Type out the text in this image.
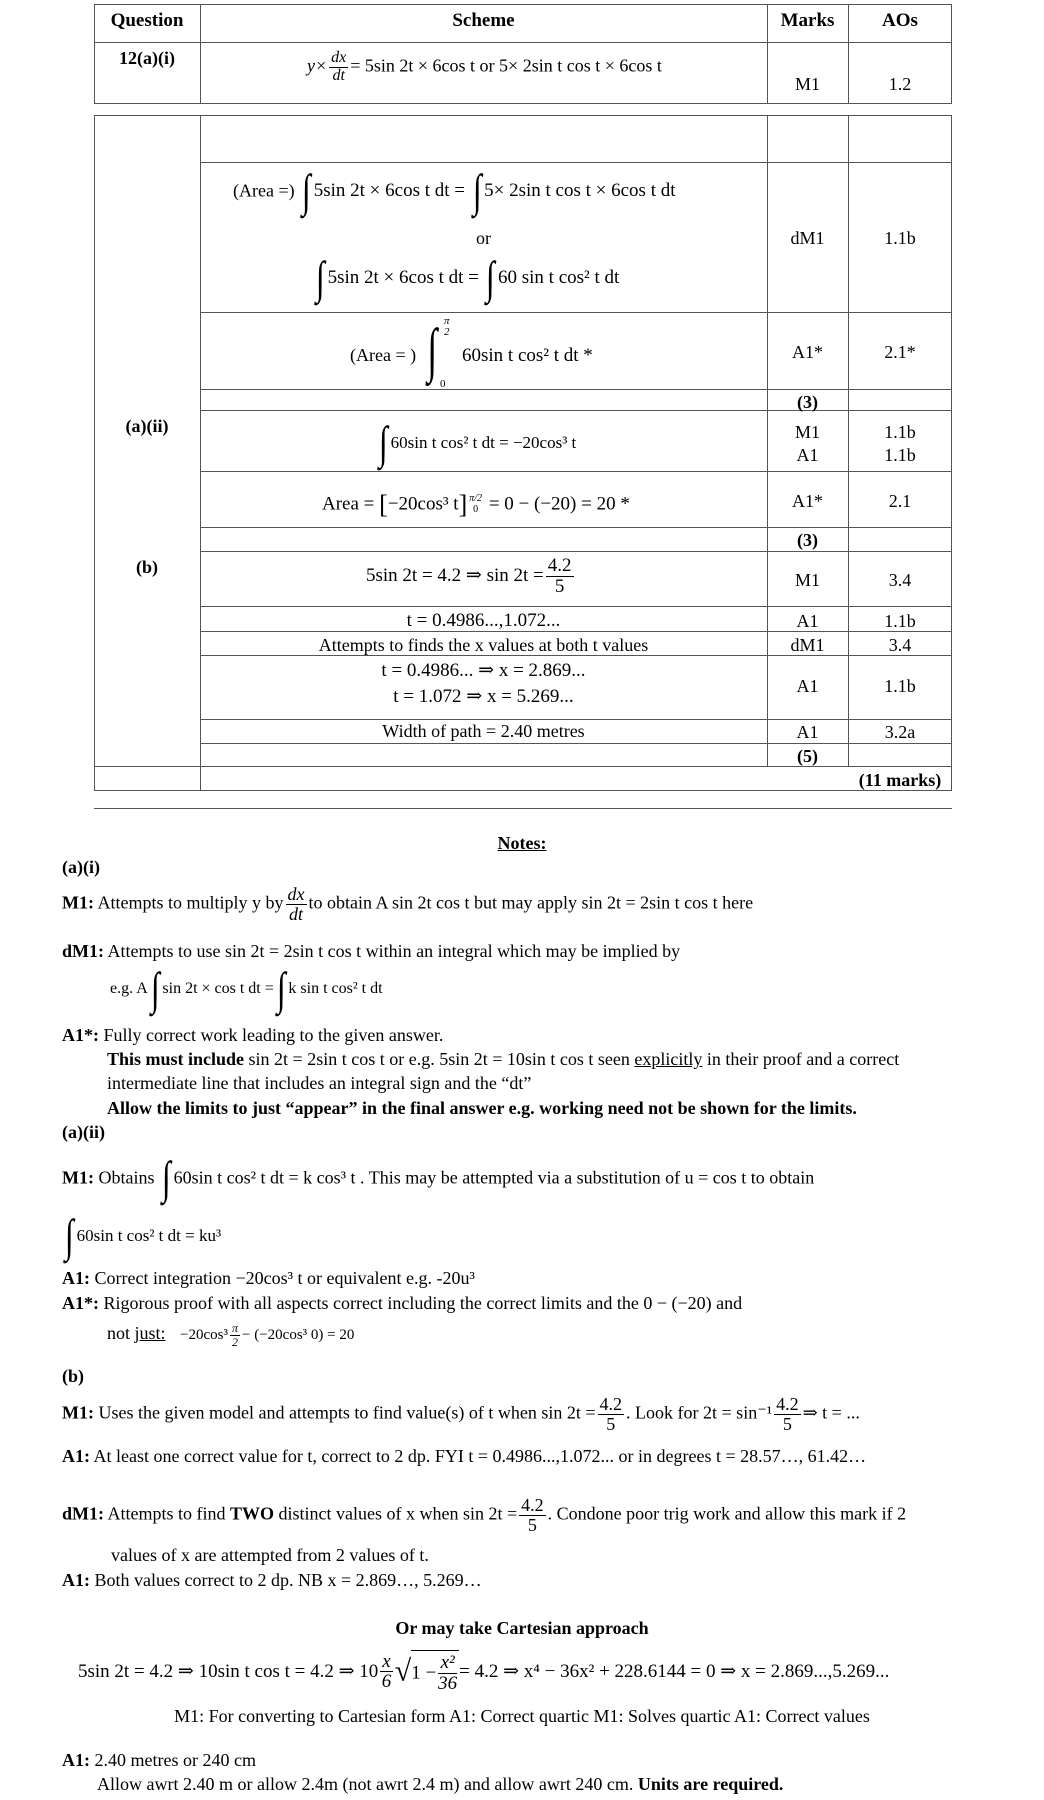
Question	Scheme	Marks	AOs
12(a)(i)	$y\times \frac{dx}{dt} = 5\sin$ 2t × 6cos t or 5× 2sin t cos t × 6cos t
M1	1.2
(Area =) ∫ 5sin 2t × 6cos t dt = ∫ 5× 2sin t cos t × 6cos t dt
or
∫ 5sin 2t × 6cos t dt = ∫ 60 sin t cos² t dt
dM1	1.1b
(Area = )
π
2
∫
0
60sin t cos² t dt *	A1*	2.1*
(3)
(a)(ii)	∫ 60sin t cos² t dt = −20cos³ t
M1	1.1b
A1	1.1b
Area = [−20cos³ t] π/2
0 = 0 − (−20) = 20 *	A1*	2.1
(3)
(b)	5sin 2t = 4.2 ⇒ $\sin 2t = \frac{4.2}{5}$	M1	3.4
t = 0.4986...,1.072...	A1	1.1b
Attempts to finds the x values at both t values	dM1	3.4
t = 0.4986... ⇒ x = 2.869...
t = 1.072 ⇒ x = 5.269...	A1	1.1b
Width of path = 2.40 metres	A1	3.2a
(5)
(11 marks)
Notes:
(a)(i)
M1: Attempts to multiply y by $\frac{dx}{dt}$ to obtain A sin 2t cos t but may apply sin 2t = 2sin t cos t here
dM1: Attempts to use sin 2t = 2sin t cos t within an integral which may be implied by
e.g. A∫ sin 2t × cos t dt =∫ k sin t cos² t dt
A1*: Fully correct work leading to the given answer.
This must include sin 2t = 2sin t cos t or e.g. 5sin 2t = 10sin t cos t seen explicitly in their proof and a correct
intermediate line that includes an integral sign and the “dt”
Allow the limits to just “appear” in the final answer e.g. working need not be shown for the limits.
(a)(ii)
M1: Obtains ∫ 60sin t cos² t dt = k cos³ t . This may be attempted via a substitution of u = cos t to obtain
∫ 60sin t cos² t dt = ku³
A1: Correct integration −20cos³ t or equivalent e.g. -20u³
A1*: Rigorous proof with all aspects correct including the correct limits and the 0 − (−20) and
not just: $-20\cos^3 \frac{\pi}{2} - (-20\cos^3$ 0) = 20
(b)
M1: Uses the given model and attempts to find value(s) of t when $\sin 2t = \frac{4.2}{5}$ . Look for $2t = \sin^{-1} \frac{4.2}{5}$ ⇒ t = ...
A1: At least one correct value for t, correct to 2 dp. FYI t = 0.4986...,1.072... or in degrees t = 28.57…, 61.42…
dM1: Attempts to find TWO distinct values of x when $\sin 2t = \frac{4.2}{5}$ . Condone poor trig work and allow this mark if 2
values of x are attempted from 2 values of t.
A1: Both values correct to 2 dp. NB x = 2.869…, 5.269…
Or may take Cartesian approach
5sin 2t = 4.2 ⇒ 10sin t cos t = 4.2 ⇒ $10 \frac{x}{6} √1 - \frac{\text{x²}}{36} = 4.2$ ⇒ x⁴ − 36x² + 228.6144 = 0 ⇒ x = 2.869...,5.269...
M1: For converting to Cartesian form A1: Correct quartic M1: Solves quartic A1: Correct values
A1: 2.40 metres or 240 cm
Allow awrt 2.40 m or allow 2.4m (not awrt 2.4 m) and allow awrt 240 cm. Units are required.
